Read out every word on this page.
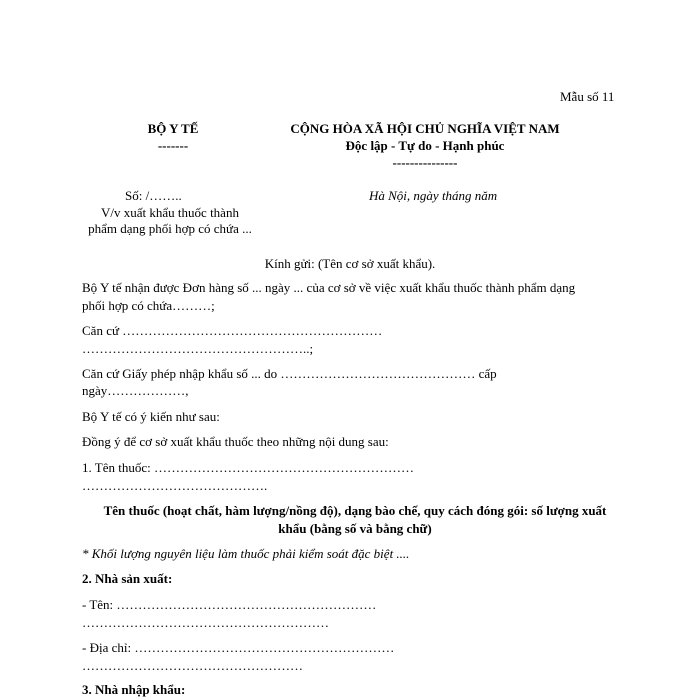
Mẫu số 11
BỘ Y TẾ
-------
CỘNG HÒA XÃ HỘI CHỦ NGHĨA VIỆT NAM
Độc lập - Tự do - Hạnh phúc
---------------
Số: /……..
V/v xuất khẩu thuốc thành
phẩm dạng phối hợp có chứa ...
Hà Nội, ngày tháng năm
Kính gửi: (Tên cơ sở xuất khẩu).
Bộ Y tế nhận được Đơn hàng số ... ngày ... của cơ sở về việc xuất khẩu thuốc thành phẩm dạng
phối hợp có chứa………;
Căn cứ ……………………………………………………
……………………………………………..;
Căn cứ Giấy phép nhập khẩu số ... do ……………………………………… cấp
ngày………………,
Bộ Y tế có ý kiến như sau:
Đồng ý để cơ sở xuất khẩu thuốc theo những nội dung sau:
1. Tên thuốc: ……………………………………………………
…………………………………….
Tên thuốc (hoạt chất, hàm lượng/nồng độ), dạng bào chế, quy cách đóng gói: số lượng xuất
khẩu (bằng số và bằng chữ)
* Khối lượng nguyên liệu làm thuốc phải kiểm soát đặc biệt ....
2. Nhà sản xuất:
- Tên: ……………………………………………………
…………………………………………………
- Địa chỉ: ……………………………………………………
……………………………………………
3. Nhà nhập khẩu:
